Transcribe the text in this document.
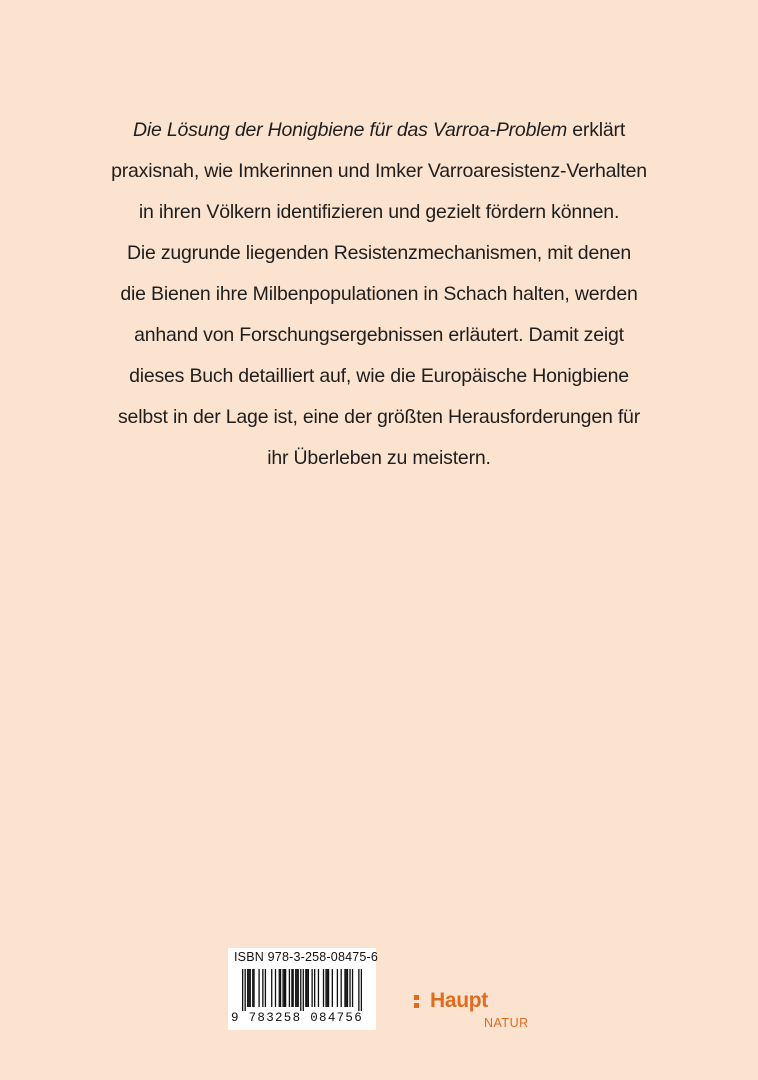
Die Lösung der Honigbiene für das Varroa-Problem erklärt
praxisnah, wie Imkerinnen und Imker Varroaresistenz-Verhalten
in ihren Völkern identifizieren und gezielt fördern können.
Die zugrunde liegenden Resistenzmechanismen, mit denen
die Bienen ihre Milbenpopulationen in Schach halten, werden
anhand von Forschungsergebnissen erläutert. Damit zeigt
dieses Buch detailliert auf, wie die Europäische Honigbiene
selbst in der Lage ist, eine der größten Herausforderungen für
ihr Überleben zu meistern.
ISBN 978-3-258-08475-6
9 783258 084756
Haupt
NATUR
